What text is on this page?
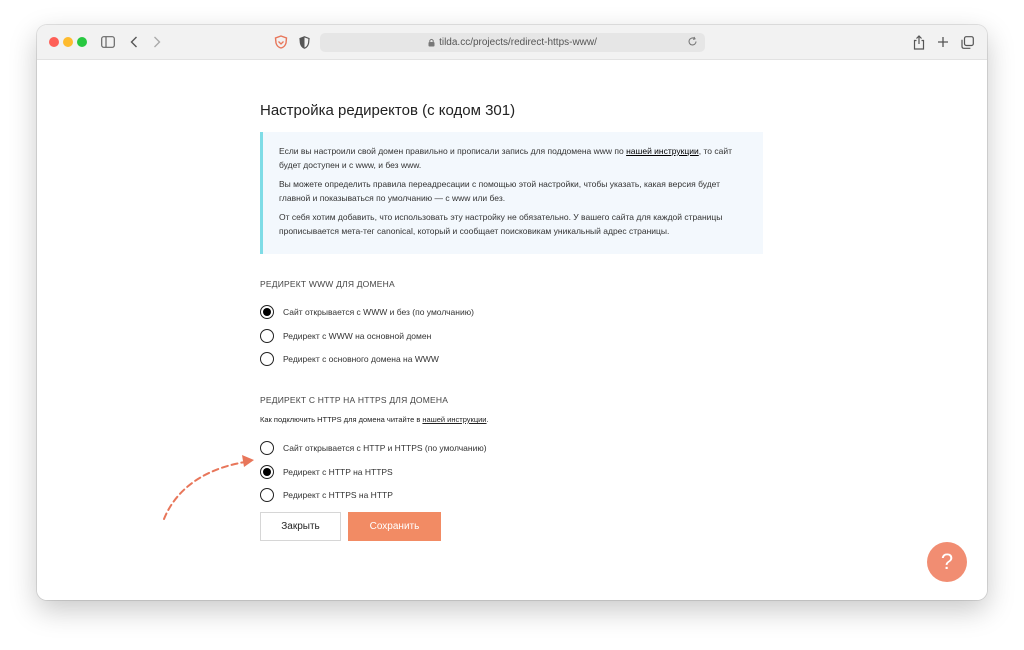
tilda.cc/projects/redirect-https-www/
Настройка редиректов (с кодом 301)

Если вы настроили свой домен правильно и прописали запись для поддомена www по нашей инструкции, то сайт будет доступен и с www, и без www.

Вы можете определить правила переадресации с помощью этой настройки, чтобы указать, какая версия будет главной и показываться по умолчанию — с www или без.

От себя хотим добавить, что использовать эту настройку не обязательно. У вашего сайта для каждой страницы прописывается мета-тег canonical, который и сообщает поисковикам уникальный адрес страницы.

РЕДИРЕКТ WWW ДЛЯ ДОМЕНА
Сайт открывается с WWW и без (по умолчанию)
Редирект с WWW на основной домен
Редирект с основного домена на WWW
РЕДИРЕКТ С HTTP НА HTTPS ДЛЯ ДОМЕНА
Как подключить HTTPS для домена читайте в нашей инструкции.
Сайт открывается с HTTP и HTTPS (по умолчанию)
Редирект с HTTP на HTTPS
Редирект с HTTPS на HTTP
Закрыть	Сохранить
?
